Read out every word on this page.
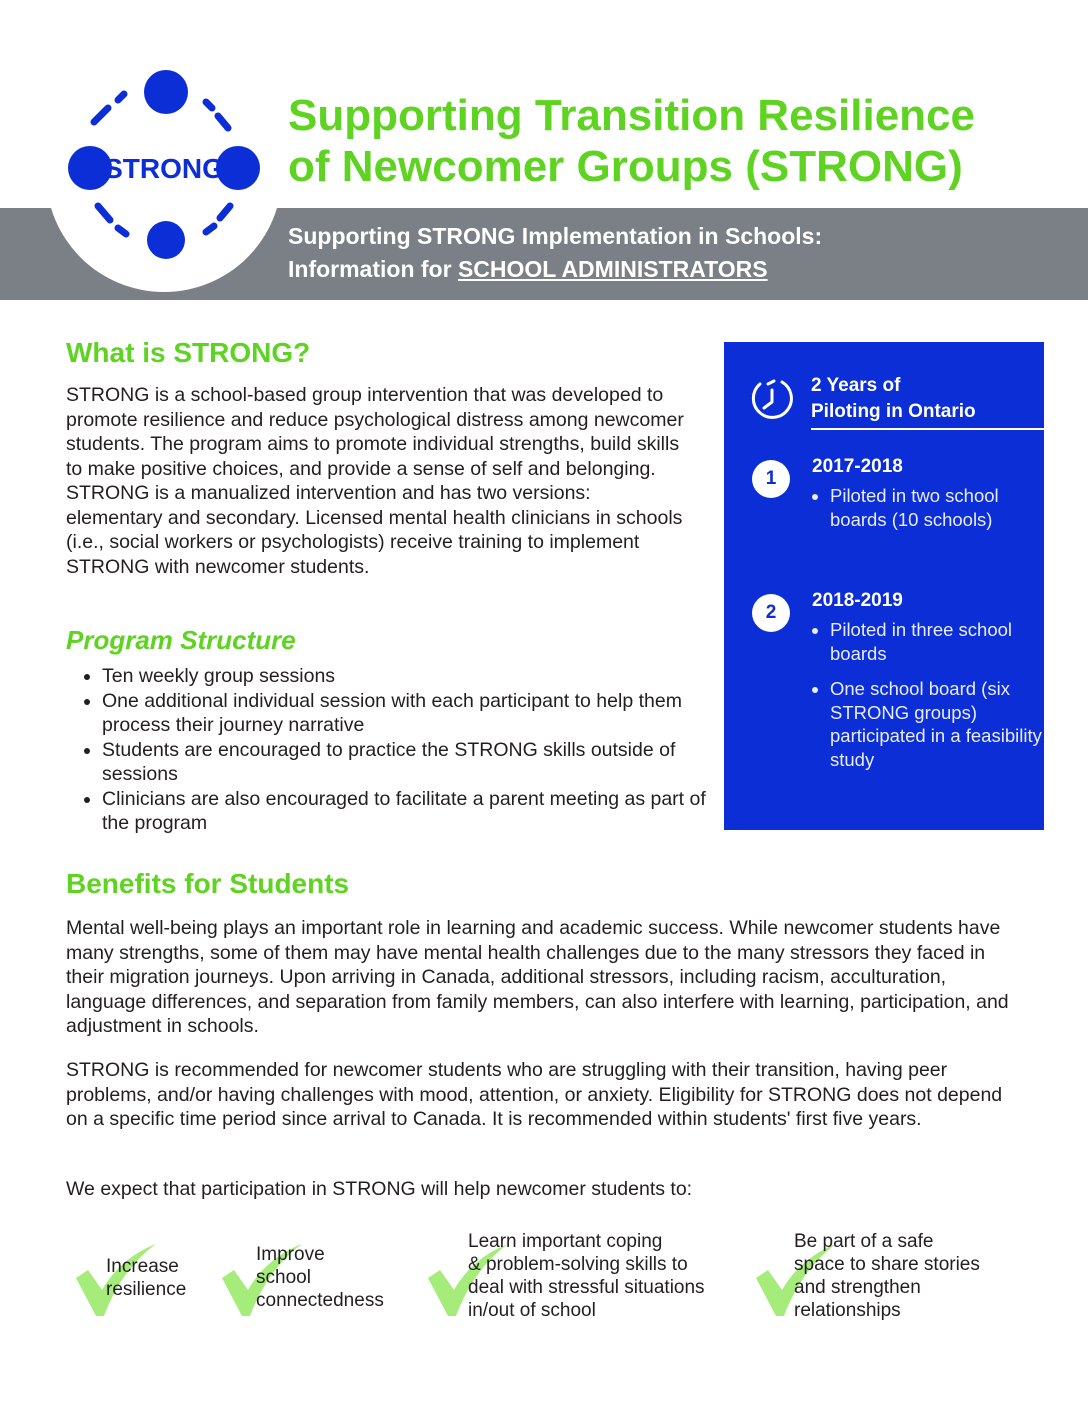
STRONG
Supporting Transition Resilience
of Newcomer Groups (STRONG)
Supporting STRONG Implementation in Schools:
Information for SCHOOL ADMINISTRATORS
What is STRONG?

STRONG is a school-based group intervention that was developed to promote resilience and reduce psychological distress among newcomer students. The program aims to promote individual strengths, build skills to make positive choices, and provide a sense of self and belonging. STRONG is a manualized intervention and has two versions: elementary and secondary. Licensed mental health clinicians in schools (i.e., social workers or psychologists) receive training to implement STRONG with newcomer students.

Program Structure
• Ten weekly group sessions
• One additional individual session with each participant to help them process their journey narrative
• Students are encouraged to practice the STRONG skills outside of sessions
• Clinicians are also encouraged to facilitate a parent meeting as part of the program
2 Years of
Piloting in Ontario
1
2017-2018
• Piloted in two school boards (10 schools)
2
2018-2019
• Piloted in three school boards
• One school board (six STRONG groups) participated in a feasibility study
Benefits for Students

Mental well-being plays an important role in learning and academic success. While newcomer students have many strengths, some of them may have mental health challenges due to the many stressors they faced in their migration journeys. Upon arriving in Canada, additional stressors, including racism, acculturation, language differences, and separation from family members, can also interfere with learning, participation, and adjustment in schools.

STRONG is recommended for newcomer students who are struggling with their transition, having peer problems, and/or having challenges with mood, attention, or anxiety. Eligibility for STRONG does not depend on a specific time period since arrival to Canada. It is recommended within students' first five years.

We expect that participation in STRONG will help newcomer students to:

Increase
resilience
Improve
school
connectedness
Learn important coping
& problem-solving skills to
deal with stressful situations
in/out of school
Be part of a safe
space to share stories
and strengthen
relationships
